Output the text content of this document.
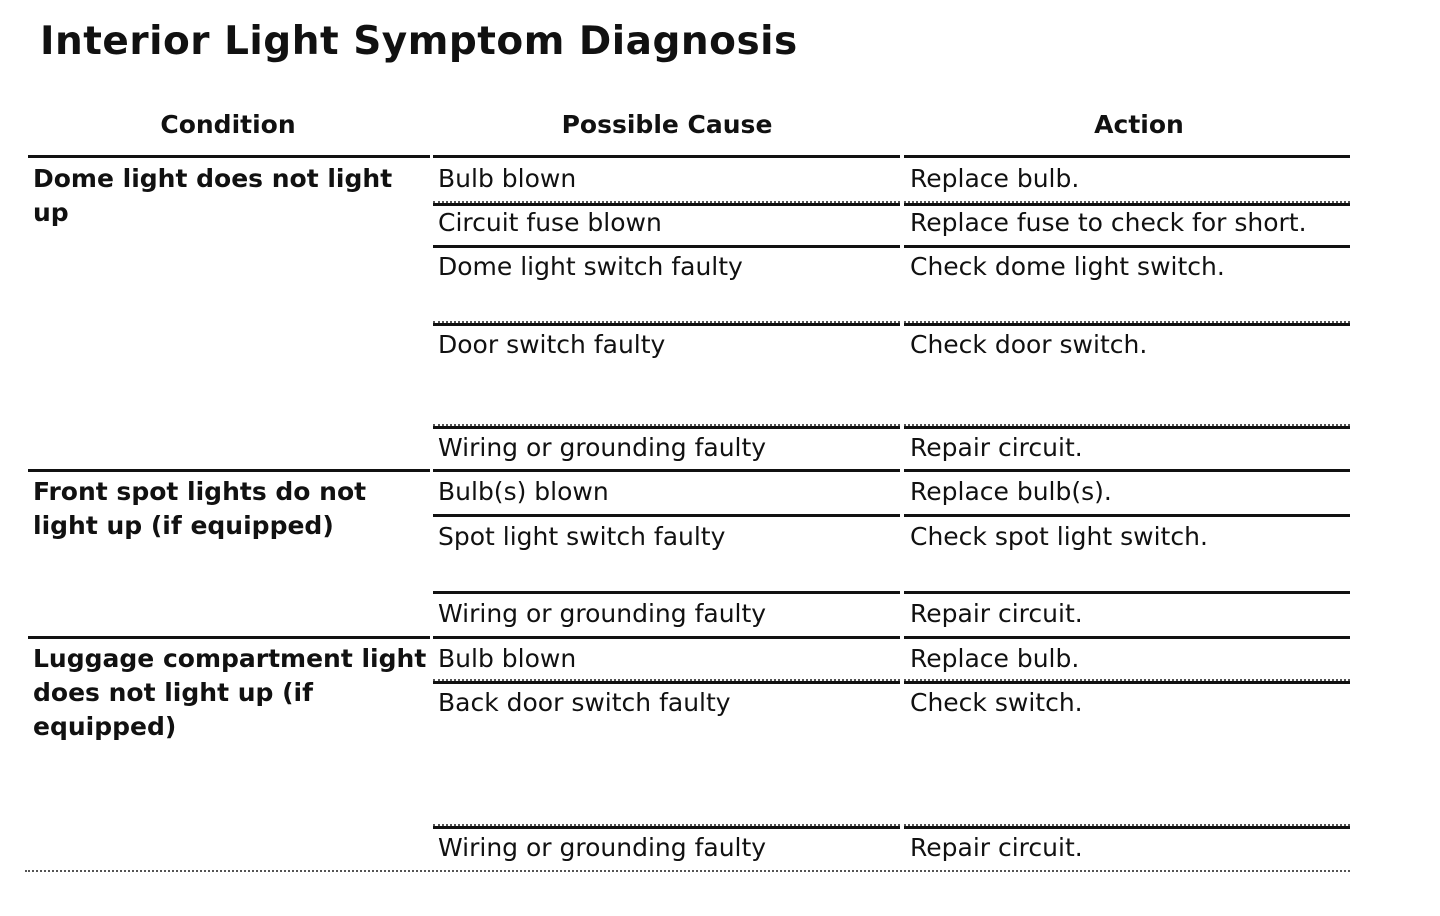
Interior Light Symptom Diagnosis
Condition	Possible Cause	Action
Dome light does not light up
Bulb blown	Replace bulb.
Circuit fuse blown	Replace fuse to check for short.
Dome light switch faulty	Check dome light switch.
Door switch faulty	Check door switch.
Wiring or grounding faulty	Repair circuit.
Front spot lights do not light up (if equipped)
Bulb(s) blown	Replace bulb(s).
Spot light switch faulty	Check spot light switch.
Wiring or grounding faulty	Repair circuit.
Luggage compartment light does not light up (if equipped)
Bulb blown	Replace bulb.
Back door switch faulty	Check switch.
Wiring or grounding faulty	Repair circuit.
